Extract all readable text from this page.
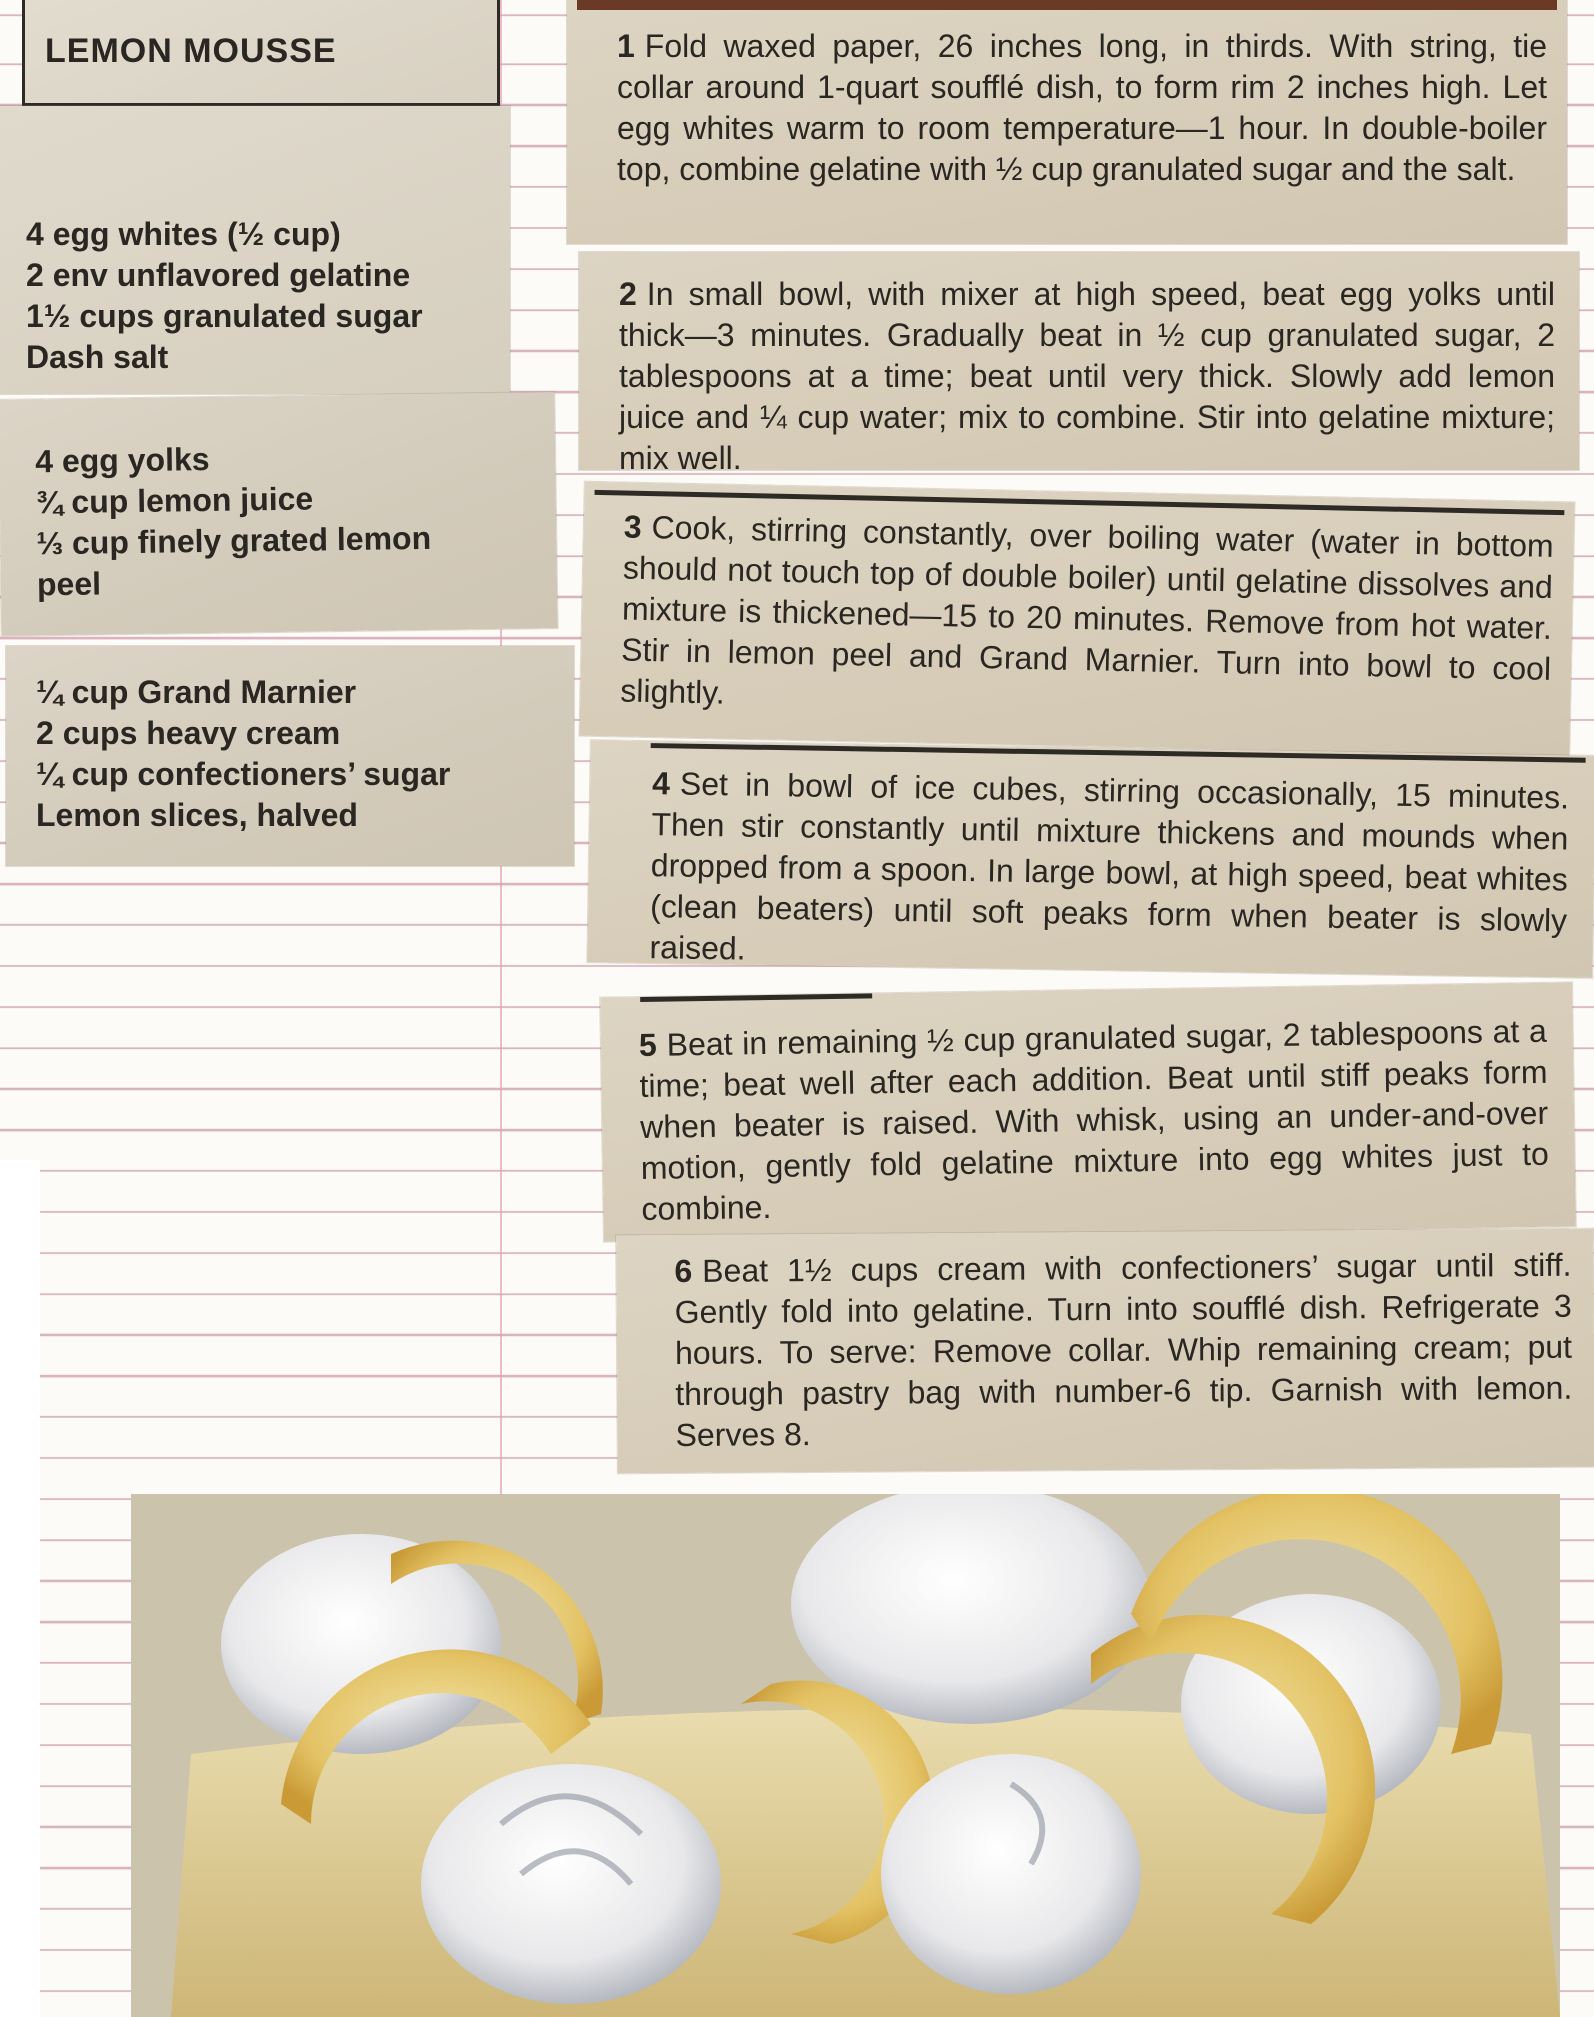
LEMON MOUSSE
4 egg whites (½ cup)
2 env unflavored gelatine
1½ cups granulated sugar
Dash salt
4 egg yolks
¾ cup lemon juice
⅓ cup finely grated lemon
peel
¼ cup Grand Marnier
2 cups heavy cream
¼ cup confectioners’ sugar
Lemon slices, halved

1 Fold waxed paper, 26 inches long, in thirds. With string, tie collar around 1-quart soufflé dish, to form rim 2 inches high. Let egg whites warm to room temperature—1 hour. In double-boiler top, combine gelatine with ½ cup granulated sugar and the salt.

2 In small bowl, with mixer at high speed, beat egg yolks until thick—3 minutes. Gradually beat in ½ cup granulated sugar, 2 tablespoons at a time; beat until very thick. Slowly add lemon juice and ¼ cup water; mix to combine. Stir into gelatine mixture; mix well.

3 Cook, stirring constantly, over boiling water (water in bottom should not touch top of double boiler) until gelatine dissolves and mixture is thickened—15 to 20 minutes. Remove from hot water. Stir in lemon peel and Grand Marnier. Turn into bowl to cool slightly.

4 Set in bowl of ice cubes, stirring occasionally, 15 minutes. Then stir constantly until mixture thickens and mounds when dropped from a spoon. In large bowl, at high speed, beat whites (clean beaters) until soft peaks form when beater is slowly raised.

5 Beat in remaining ½ cup granulated sugar, 2 tablespoons at a time; beat well after each addition. Beat until stiff peaks form when beater is raised. With whisk, using an under-and-over motion, gently fold gelatine mixture into egg whites just to combine.

6 Beat 1½ cups cream with confectioners’ sugar until stiff. Gently fold into gelatine. Turn into soufflé dish. Refrigerate 3 hours. To serve: Remove collar. Whip remaining cream; put through pastry bag with number-6 tip. Garnish with lemon. Serves 8.
